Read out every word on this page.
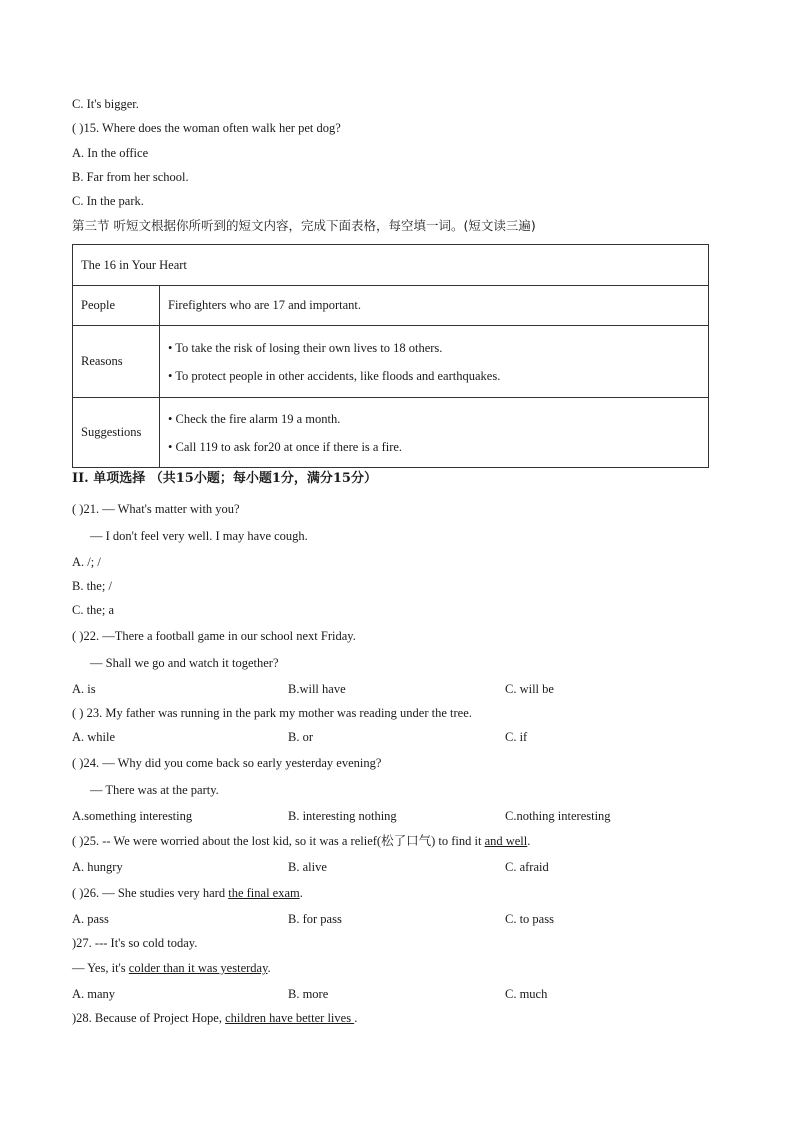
C. It's bigger.
( )15. Where does the woman often walk her pet dog?
A. In the office
B. Far from her school.
C. In the park.
第三节 听短文根据你所听到的短文内容，完成下面表格，每空填一词。(短文读三遍)
The 16 in Your Heart	
People	Firefighters who are 17 and important.
Reasons	• To take the risk of losing their own lives to 18 others.
• To protect people in other accidents, like floods and earthquakes.

Suggestions	• Check the fire alarm 19 a month.
• Call 119 to ask for20 at once if there is a fire.
II. 单项选择 （共15小题；每小题1分，满分15分）
( )21. — What's matter with you?
— I don't feel very well. I may have cough.
A. /; /
B. the; /
C. the; a
( )22. —There a football game in our school next Friday.
— Shall we go and watch it together?
A. is	B.will have	C. will be
( ) 23. My father was running in the park my mother was reading under the tree.
A. while	B. or	C. if
( )24. — Why did you come back so early yesterday evening?
— There was at the party.
A.something interesting	B. interesting nothing	C.nothing interesting
( )25. -- We were worried about the lost kid, so it was a relief(松了口气) to find it and well.
A. hungry	B. alive	C. afraid
( )26. — She studies very hard the final exam.
A. pass	B. for pass	C. to pass
)27. --- It's so cold today.
— Yes, it's colder than it was yesterday.
A. many	B. more	C. much
)28. Because of Project Hope, children have better lives .
